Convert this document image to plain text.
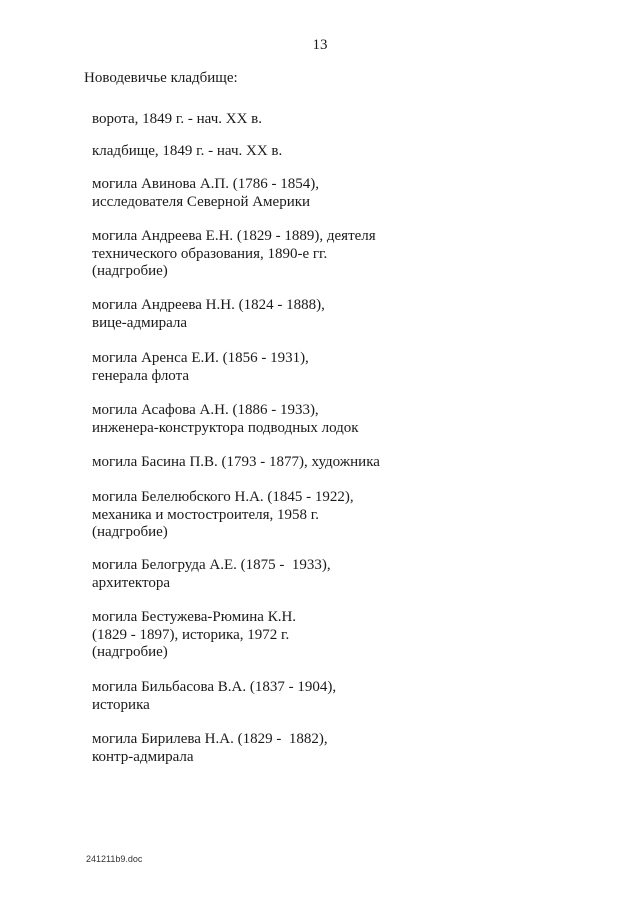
13
Новодевичье кладбище:
ворота, 1849 г. - нач. XX в.
кладбище, 1849 г. - нач. XX в.
могила Авинова А.П. (1786 - 1854),
исследователя Северной Америки
могила Андреева Е.Н. (1829 - 1889), деятеля
технического образования, 1890-е гг.
(надгробие)
могила Андреева Н.Н. (1824 - 1888),
вице-адмирала
могила Аренса Е.И. (1856 - 1931),
генерала флота
могила Асафова А.Н. (1886 - 1933),
инженера-конструктора подводных лодок
могила Басина П.В. (1793 - 1877), художника
могила Белелюбского Н.А. (1845 - 1922),
механика и мостостроителя, 1958 г.
(надгробие)
могила Белогруда А.Е. (1875 -  1933),
архитектора
могила Бестужева-Рюмина К.Н.
(1829 - 1897), историка, 1972 г.
(надгробие)
могила Бильбасова В.А. (1837 - 1904),
историка
могила Бирилева Н.А. (1829 -  1882),
контр-адмирала
241211b9.doc
